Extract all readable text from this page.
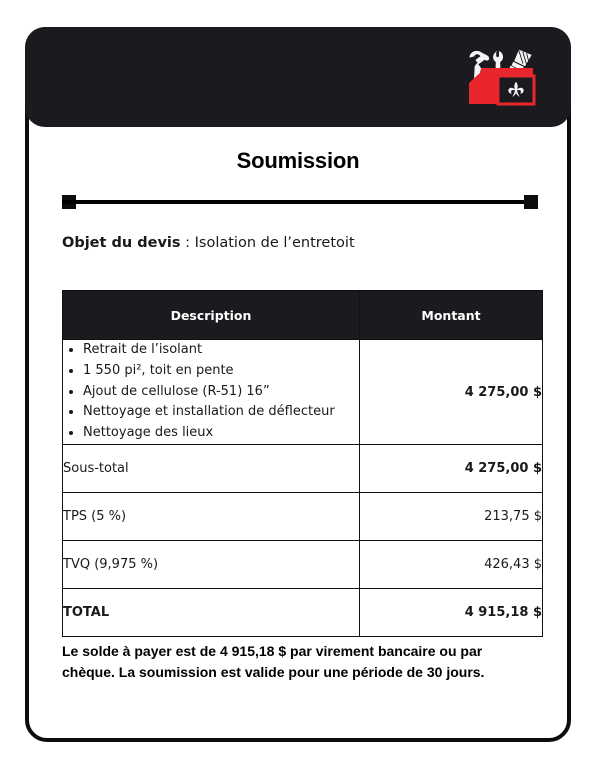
Soumission
Objet du devis : Isolation de l’entretoit
Description	Montant

• Retrait de l’isolant
• 1 550 pi², toit en pente
• Ajout de cellulose (R-51) 16”
• Nettoyage et installation de déflecteur
• Nettoyage des lieux
	4 275,00 $
Sous-total	4 275,00 $
TPS (5 %)	213,75 $
TVQ (9,975 %)	426,43 $
TOTAL	4 915,18 $
Le solde à payer est de 4 915,18 $ par virement bancaire ou par chèque. La soumission est valide pour une période de 30 jours.
